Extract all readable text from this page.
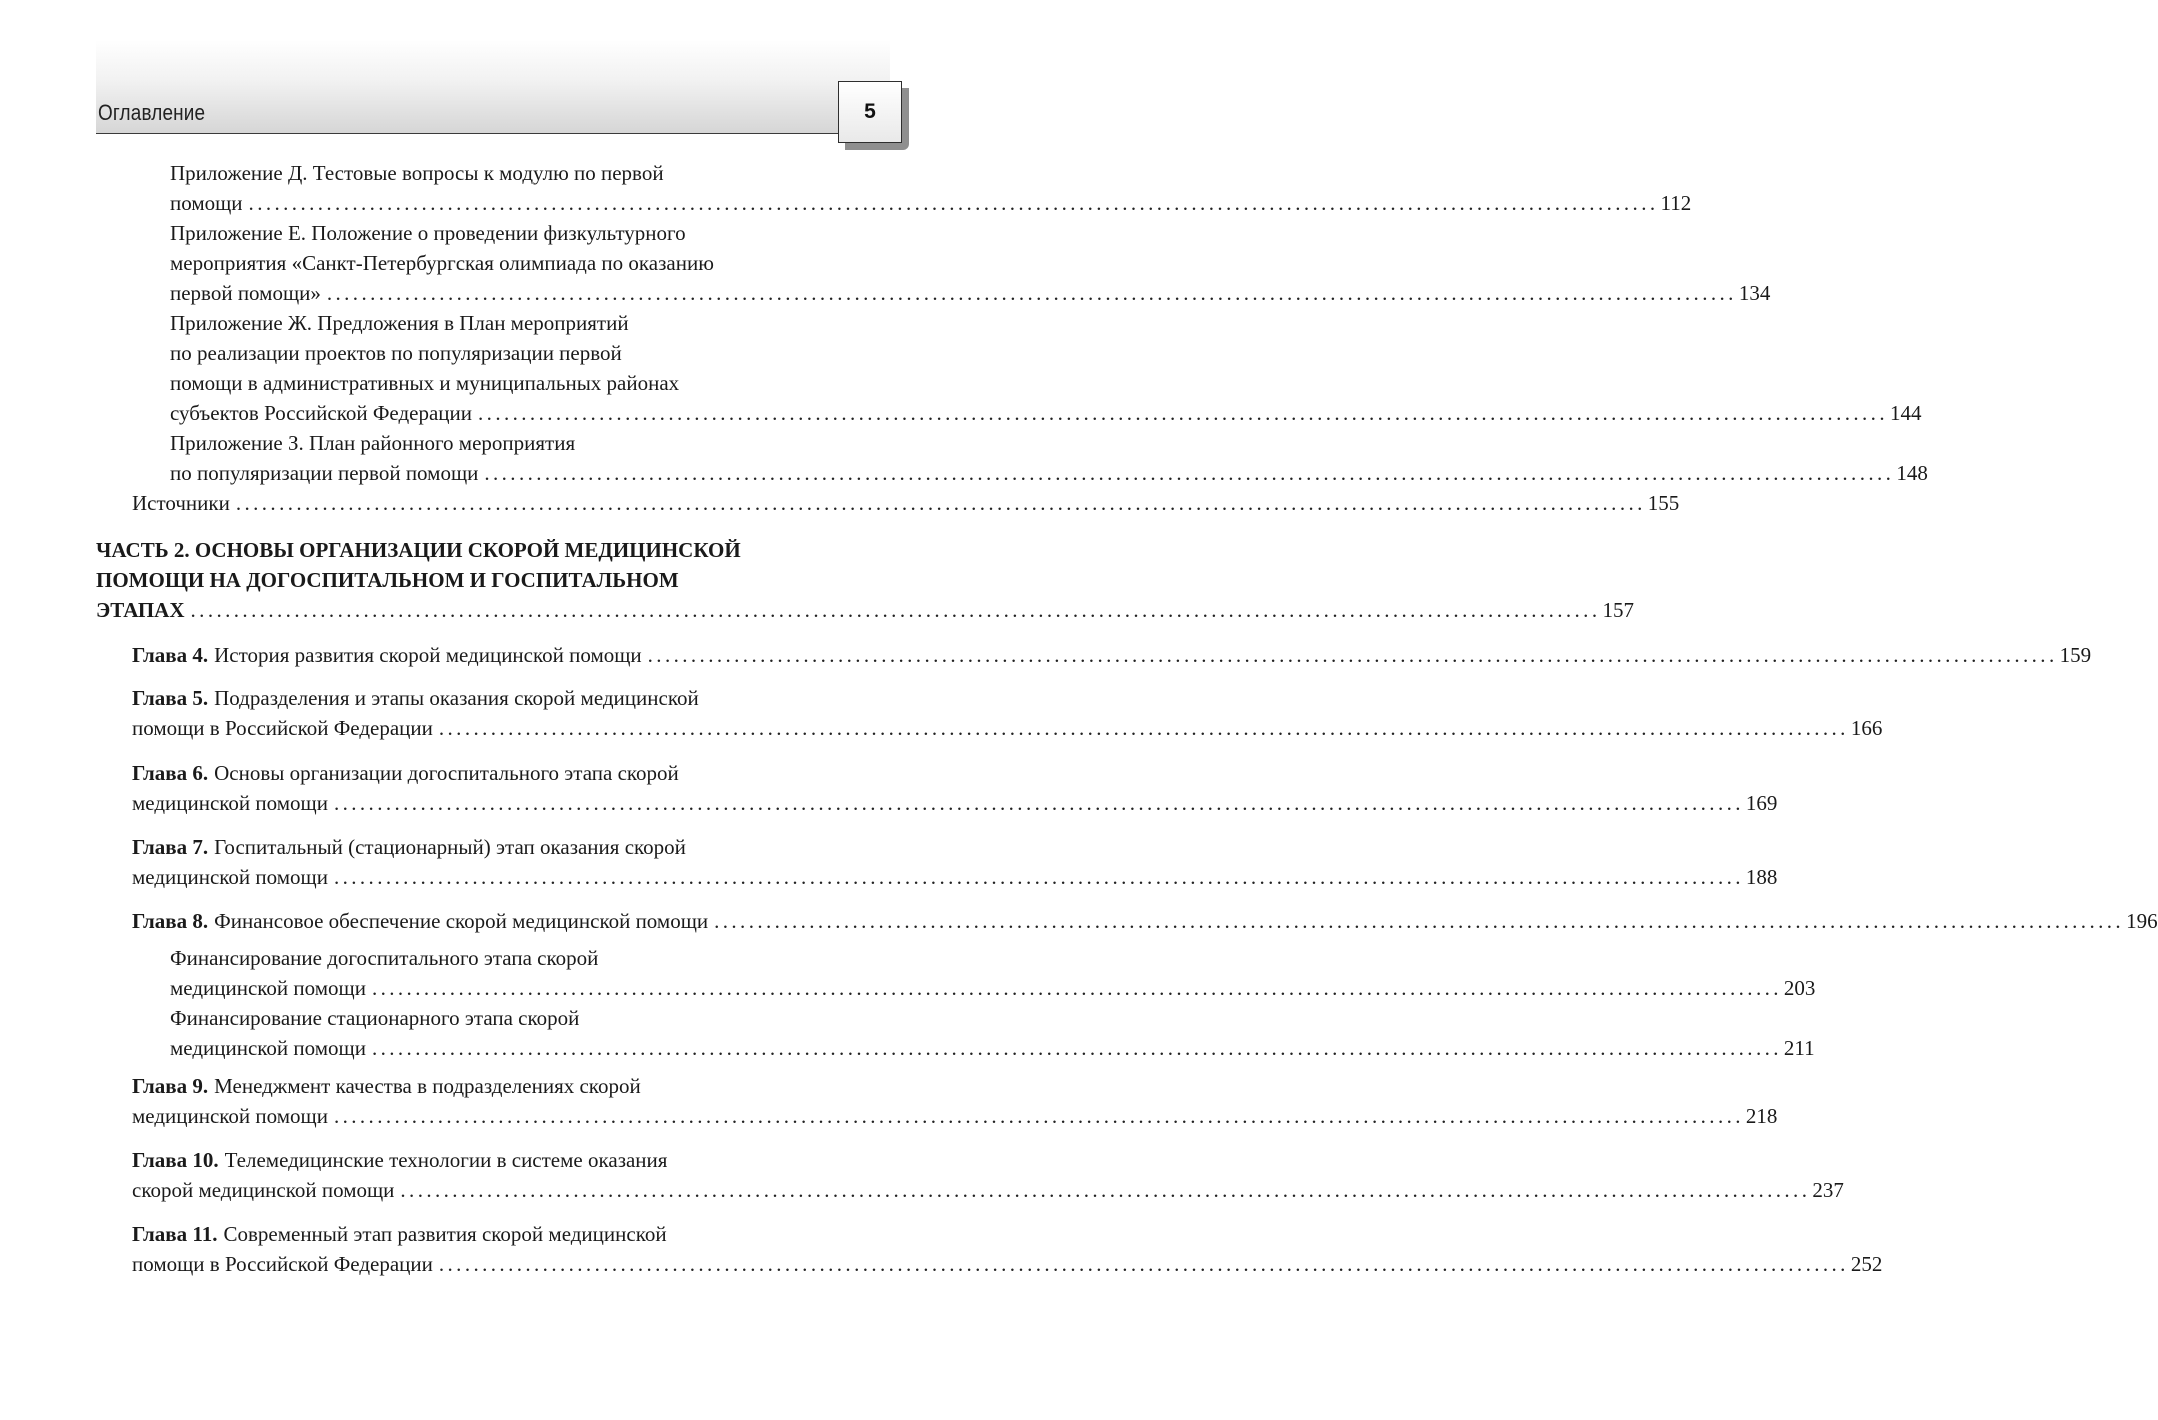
Оглавление	5
Приложение Д. Тестовые вопросы к модулю по первой
помощи ................................................................................................................................................................... 112
Приложение Е. Положение о проведении физкультурного
мероприятия «Санкт-Петербургская олимпиада по оказанию
первой помощи» ................................................................................................................................................................... 134
Приложение Ж. Предложения в План мероприятий
по реализации проектов по популяризации первой
помощи в административных и муниципальных районах
субъектов Российской Федерации ................................................................................................................................................................... 144
Приложение З. План районного мероприятия
по популяризации первой помощи ................................................................................................................................................................... 148
Источники ................................................................................................................................................................... 155
ЧАСТЬ 2. ОСНОВЫ ОРГАНИЗАЦИИ СКОРОЙ МЕДИЦИНСКОЙ
ПОМОЩИ НА ДОГОСПИТАЛЬНОМ И ГОСПИТАЛЬНОМ
ЭТАПАХ ................................................................................................................................................................... 157
Глава 4. История развития скорой медицинской помощи ................................................................................................................................................................... 159
Глава 5. Подразделения и этапы оказания скорой медицинской
помощи в Российской Федерации ................................................................................................................................................................... 166
Глава 6. Основы организации догоспитального этапа скорой
медицинской помощи ................................................................................................................................................................... 169
Глава 7. Госпитальный (стационарный) этап оказания скорой
медицинской помощи ................................................................................................................................................................... 188
Глава 8. Финансовое обеспечение скорой медицинской помощи ................................................................................................................................................................... 196
Финансирование догоспитального этапа скорой
медицинской помощи ................................................................................................................................................................... 203
Финансирование стационарного этапа скорой
медицинской помощи ................................................................................................................................................................... 211
Глава 9. Менеджмент качества в подразделениях скорой
медицинской помощи ................................................................................................................................................................... 218
Глава 10. Телемедицинские технологии в системе оказания
скорой медицинской помощи ................................................................................................................................................................... 237
Глава 11. Современный этап развития скорой медицинской
помощи в Российской Федерации ................................................................................................................................................................... 252
